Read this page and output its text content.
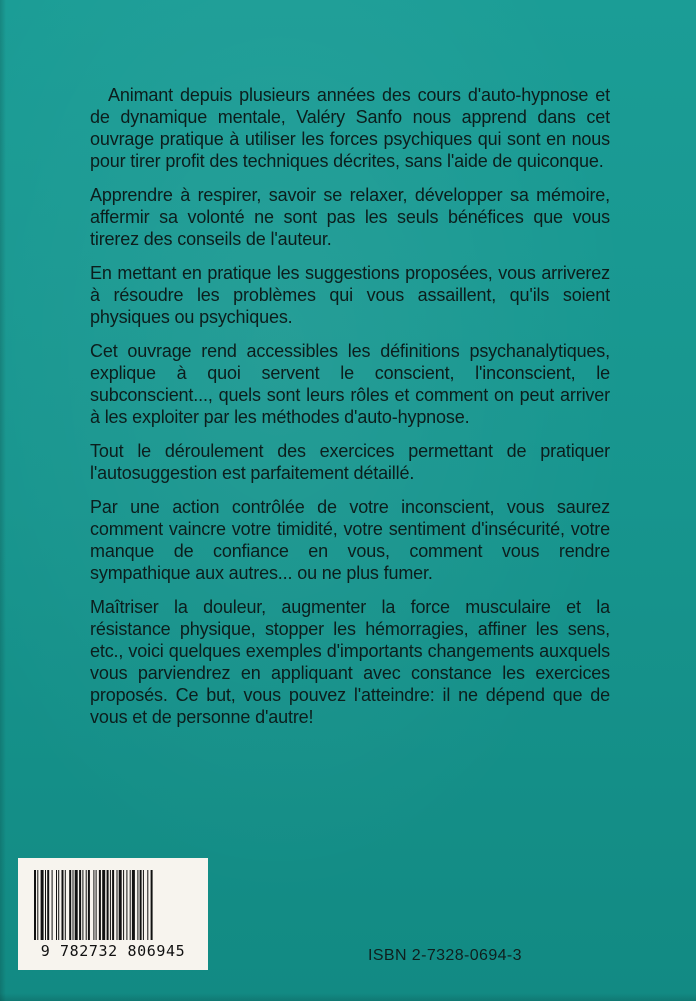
Animant depuis plusieurs années des cours d'auto-hypnose et de dynamique mentale, Valéry Sanfo nous apprend dans cet ouvrage pratique à utiliser les forces psychiques qui sont en nous pour tirer profit des techniques décrites, sans l'aide de quiconque.

Apprendre à respirer, savoir se relaxer, développer sa mémoire, affermir sa volonté ne sont pas les seuls bénéfices que vous tirerez des conseils de l'auteur.

En mettant en pratique les suggestions proposées, vous arriverez à résoudre les problèmes qui vous assaillent, qu'ils soient physiques ou psychiques.

Cet ouvrage rend accessibles les définitions psychanalytiques, explique à quoi servent le conscient, l'inconscient, le subconscient..., quels sont leurs rôles et comment on peut arriver à les exploiter par les méthodes d'auto-hypnose.

Tout le déroulement des exercices permettant de pratiquer l'autosuggestion est parfaitement détaillé.

Par une action contrôlée de votre inconscient, vous saurez comment vaincre votre timidité, votre sentiment d'insécurité, votre manque de confiance en vous, comment vous rendre sympathique aux autres... ou ne plus fumer.

Maîtriser la douleur, augmenter la force musculaire et la résistance physique, stopper les hémorragies, affiner les sens, etc., voici quelques exemples d'importants changements auxquels vous parviendrez en appliquant avec constance les exercices proposés. Ce but, vous pouvez l'atteindre: il ne dépend que de vous et de personne d'autre!

9 782732 806945	ISBN 2-7328-0694-3
